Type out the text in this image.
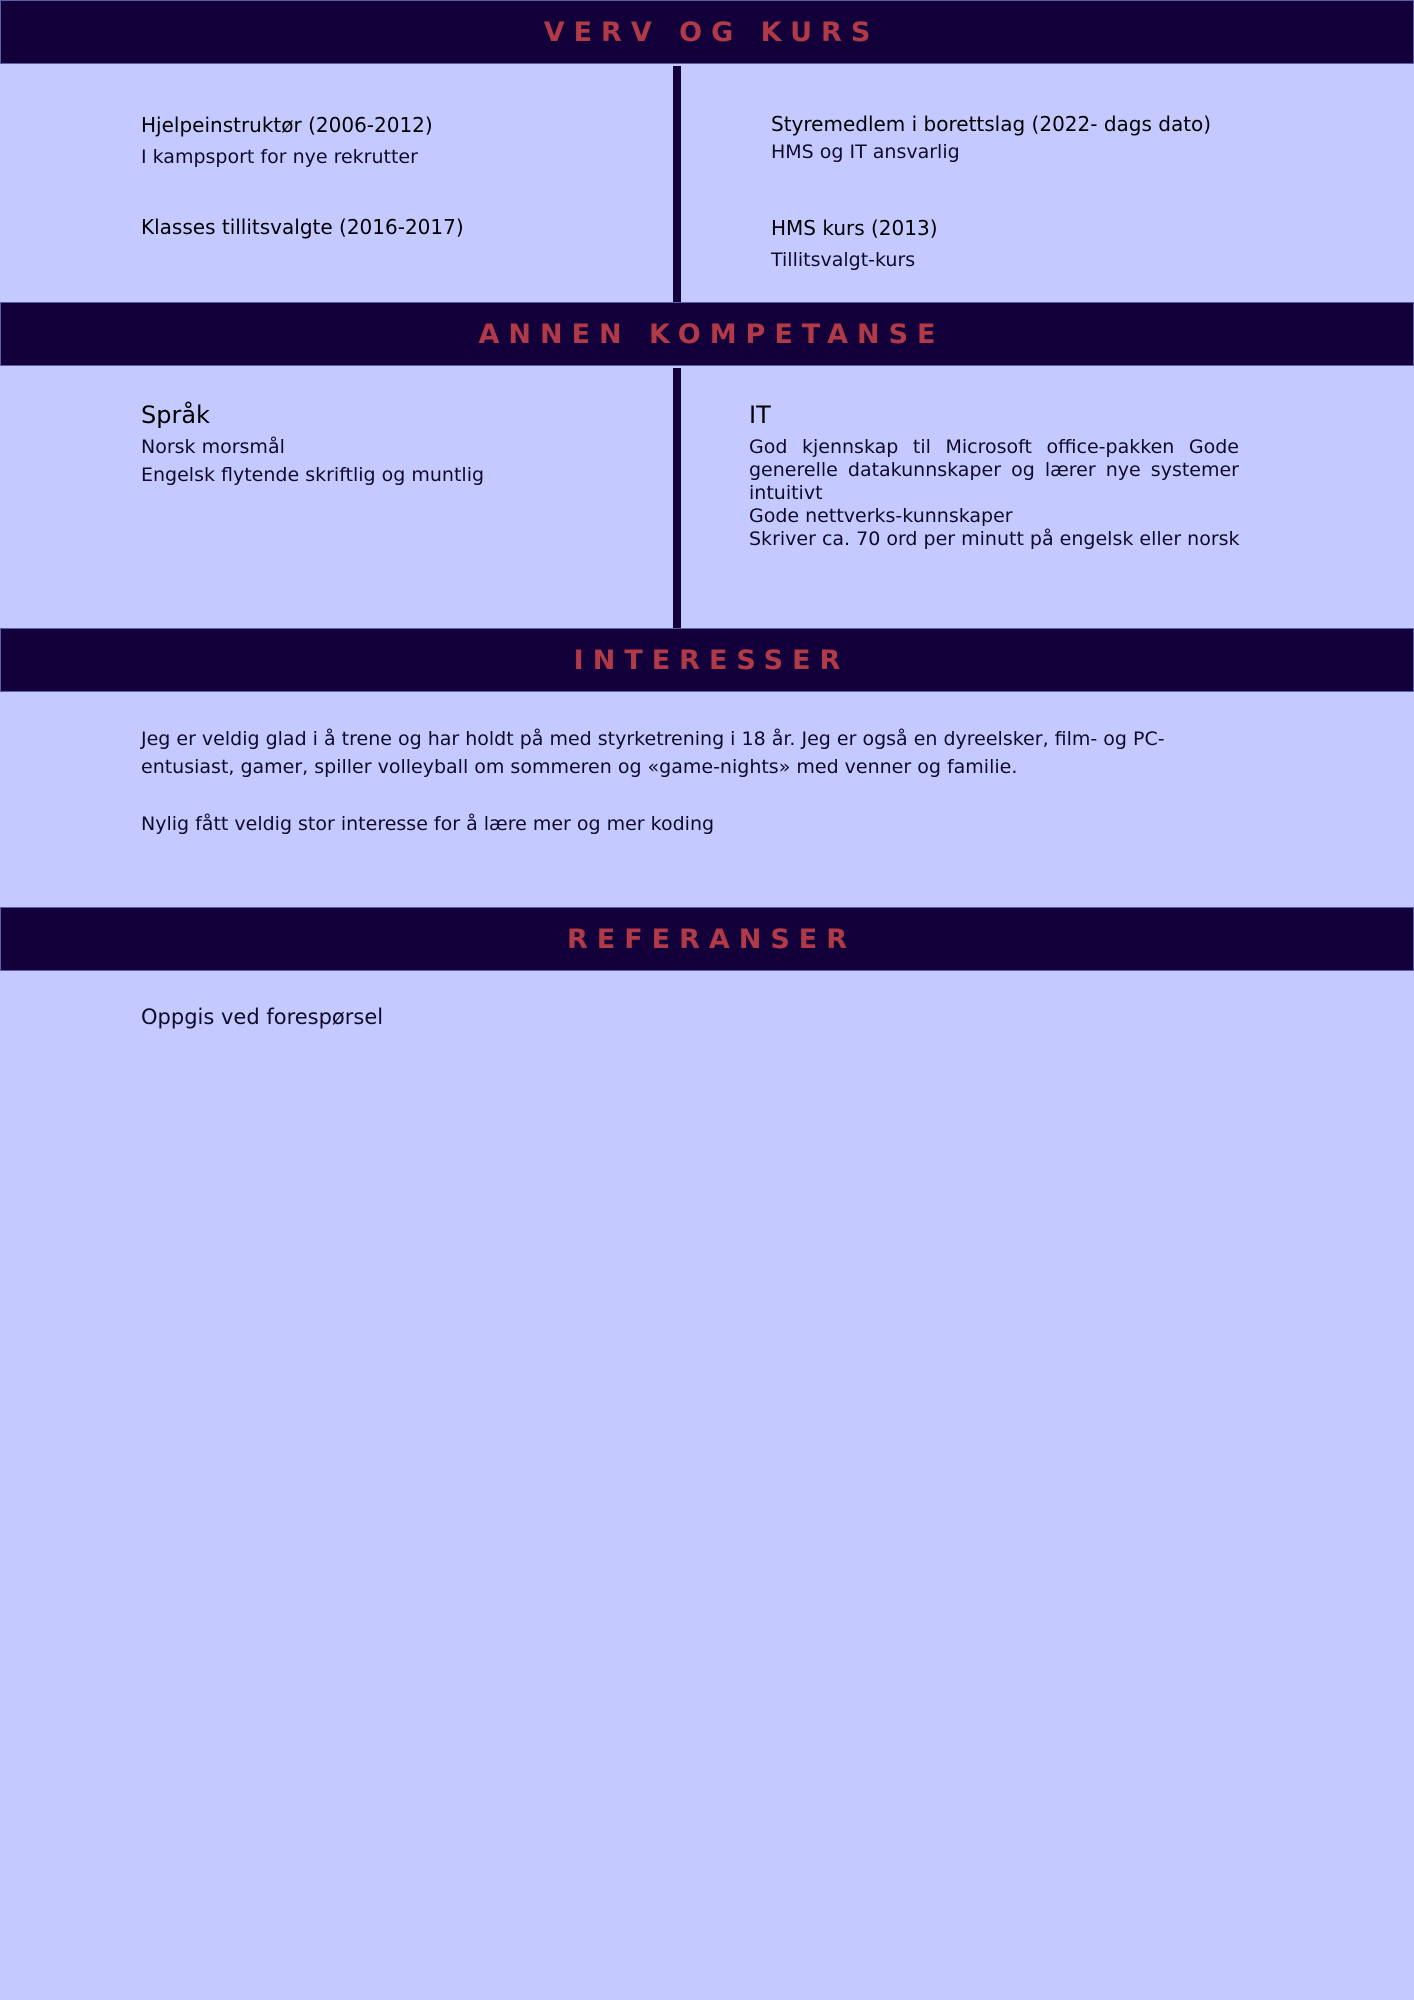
VERV OG KURS

Hjelpeinstruktør (2006-2012)

I kampsport for nye rekrutter

Klasses tillitsvalgte (2016-2017)

Styremedlem i borettslag (2022- dags dato)

HMS og IT ansvarlig

HMS kurs (2013)

Tillitsvalgt-kurs

ANNEN KOMPETANSE

Språk

Norsk morsmål

Engelsk flytende skriftlig og muntlig

IT

God kjennskap til Microsoft office-pakken Gode generelle datakunnskaper og lærer nye systemer intuitivt
Gode nettverks-kunnskaper
Skriver ca. 70 ord per minutt på engelsk eller norsk
INTERESSER

Jeg er veldig glad i å trene og har holdt på med styrketrening i 18 år. Jeg er også en dyreelsker, film- og PC-entusiast, gamer, spiller volleyball om sommeren og «game-nights» med venner og familie.

Nylig fått veldig stor interesse for å lære mer og mer koding

REFERANSER

Oppgis ved forespørsel
